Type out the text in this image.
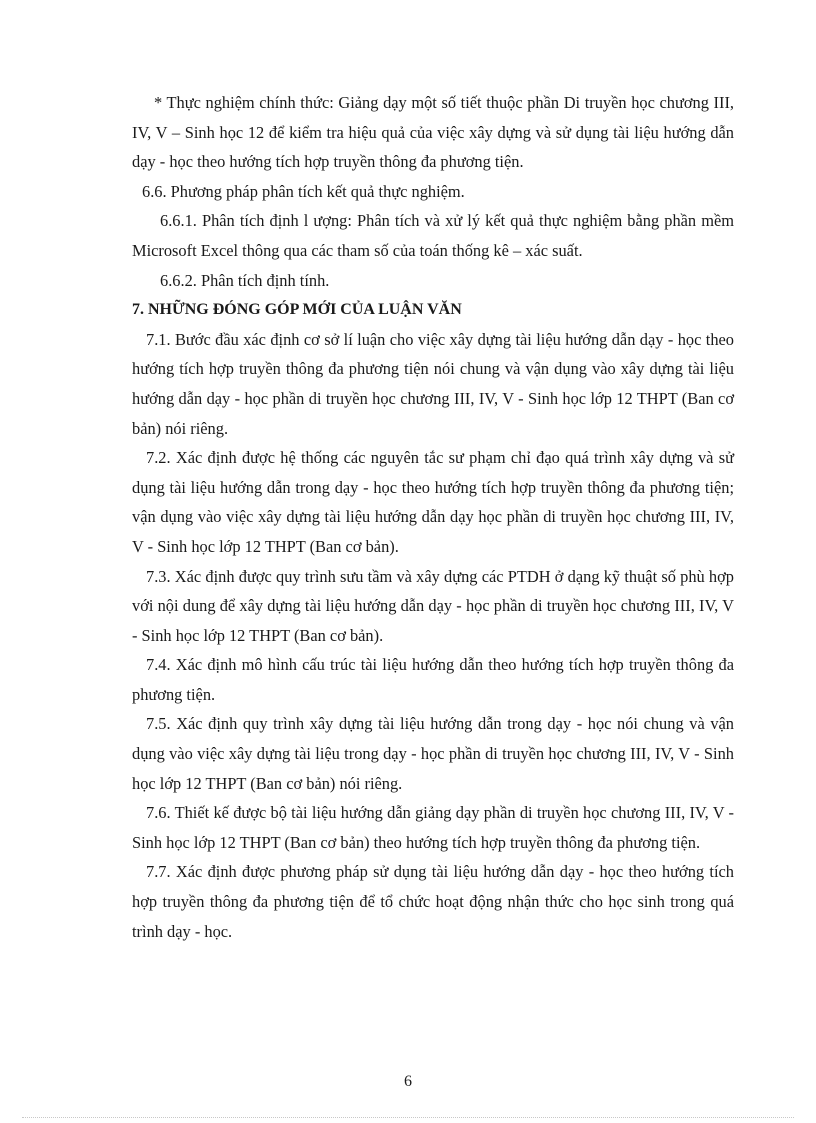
* Thực nghiệm chính thức: Giảng dạy một số tiết thuộc phần Di truyền học chương III, IV, V – Sinh học 12 để kiểm tra hiệu quả của việc xây dựng và sử dụng tài liệu hướng dẫn dạy - học theo hướng tích hợp truyền thông đa phương tiện.

6.6. Phương pháp phân tích kết quả thực nghiệm.

6.6.1. Phân tích định l ượng: Phân tích và xử lý kết quả thực nghiệm bằng phần mềm Microsoft Excel thông qua các tham số của toán thống kê – xác suất.

6.6.2. Phân tích định tính.

7. NHỮNG ĐÓNG GÓP MỚI CỦA LUẬN VĂN

7.1. Bước đầu xác định cơ sở lí luận cho việc xây dựng tài liệu hướng dẫn dạy - học theo hướng tích hợp truyền thông đa phương tiện nói chung và vận dụng vào xây dựng tài liệu hướng dẫn dạy - học phần di truyền học chương III, IV, V - Sinh học lớp 12 THPT (Ban cơ bản) nói riêng.

7.2. Xác định được hệ thống các nguyên tắc sư phạm chỉ đạo quá trình xây dựng và sử dụng tài liệu hướng dẫn trong dạy - học theo hướng tích hợp truyền thông đa phương tiện; vận dụng vào việc xây dựng tài liệu hướng dẫn dạy học phần di truyền học chương III, IV, V - Sinh học lớp 12 THPT (Ban cơ bản).

7.3. Xác định được quy trình sưu tầm và xây dựng các PTDH ở dạng kỹ thuật số phù hợp với nội dung để xây dựng tài liệu hướng dẫn dạy - học phần di truyền học chương III, IV, V - Sinh học lớp 12 THPT (Ban cơ bản).

7.4. Xác định mô hình cấu trúc tài liệu hướng dẫn theo hướng tích hợp truyền thông đa phương tiện.

7.5. Xác định quy trình xây dựng tài liệu hướng dẫn trong dạy - học nói chung và vận dụng vào việc xây dựng tài liệu trong dạy - học phần di truyền học chương III, IV, V - Sinh học lớp 12 THPT (Ban cơ bản) nói riêng.

7.6. Thiết kế được bộ tài liệu hướng dẫn giảng dạy phần di truyền học chương III, IV, V - Sinh học lớp 12 THPT (Ban cơ bản) theo hướng tích hợp truyền thông đa phương tiện.

7.7. Xác định được phương pháp sử dụng tài liệu hướng dẫn dạy - học theo hướng tích hợp truyền thông đa phương tiện để tổ chức hoạt động nhận thức cho học sinh trong quá trình dạy - học.

6
